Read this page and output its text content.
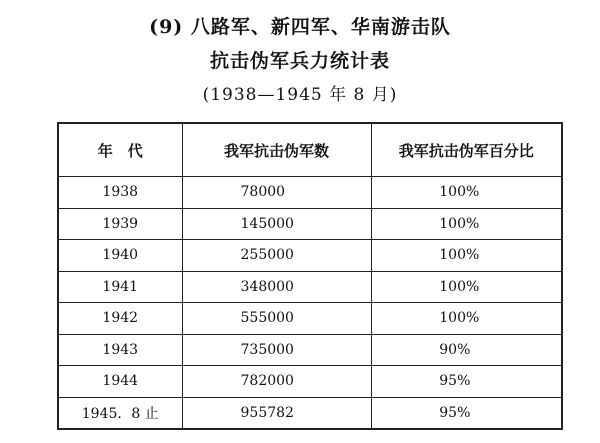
(9) 八路军、新四军、华南游击队
抗击伪军兵力统计表
(1938—1945 年 8 月)
年　代	我军抗击伪军数	我军抗击伪军百分比
1938	78000	100%
1939	145000	100%
1940	255000	100%
1941	348000	100%
1942	555000	100%
1943	735000	90%
1944	782000	95%
1945．8 止	955782	95%
